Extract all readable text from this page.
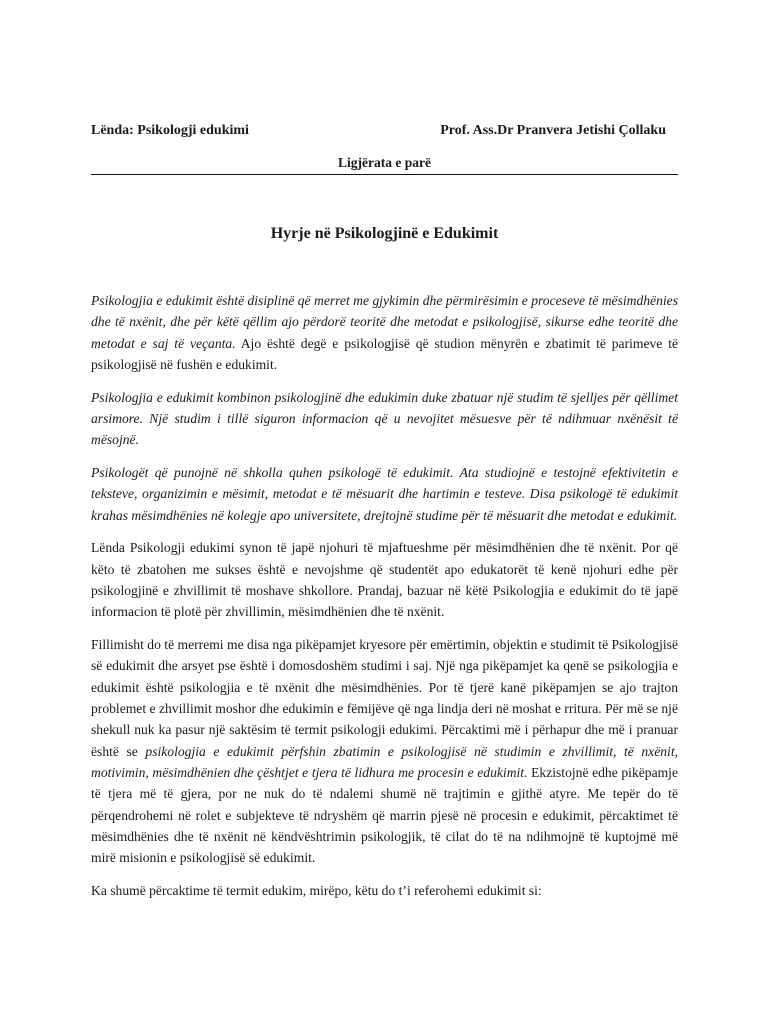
Lënda: Psikologji edukimi	Prof. Ass.Dr Pranvera Jetishi Çollaku
Ligjërata e parë
Hyrje në Psikologjinë e Edukimit

Psikologjia e edukimit është disiplinë që merret me gjykimin dhe përmirësimin e proceseve të mësimdhënies dhe të nxënit, dhe për këtë qëllim ajo përdorë teoritë dhe metodat e psikologjisë, sikurse edhe teoritë dhe metodat e saj të veçanta. Ajo është degë e psikologjisë që studion mënyrën e zbatimit të parimeve të psikologjisë në fushën e edukimit.

Psikologjia e edukimit kombinon psikologjinë dhe edukimin duke zbatuar një studim të sjelljes për qëllimet arsimore. Një studim i tillë siguron informacion që u nevojitet mësuesve për të ndihmuar nxënësit të mësojnë.

Psikologët që punojnë në shkolla quhen psikologë të edukimit. Ata studiojnë e testojnë efektivitetin e teksteve, organizimin e mësimit, metodat e të mësuarit dhe hartimin e testeve. Disa psikologë të edukimit krahas mësimdhënies në kolegje apo universitete, drejtojnë studime për të mësuarit dhe metodat e edukimit.

Lënda Psikologji edukimi synon të japë njohuri të mjaftueshme për mësimdhënien dhe të nxënit. Por që këto të zbatohen me sukses është e nevojshme që studentët apo edukatorët të kenë njohuri edhe për psikologjinë e zhvillimit të moshave shkollore. Prandaj, bazuar në këtë Psikologjia e edukimit do të japë informacion të plotë për zhvillimin, mësimdhënien dhe të nxënit.

Fillimisht do të merremi me disa nga pikëpamjet kryesore për emërtimin, objektin e studimit të Psikologjisë së edukimit dhe arsyet pse është i domosdoshëm studimi i saj. Një nga pikëpamjet ka qenë se psikologjia e edukimit është psikologjia e të nxënit dhe mësimdhënies. Por të tjerë kanë pikëpamjen se ajo trajton problemet e zhvillimit moshor dhe edukimin e fëmijëve që nga lindja deri në moshat e rritura. Për më se një shekull nuk ka pasur një saktësim të termit psikologji edukimi. Përcaktimi më i përhapur dhe më i pranuar është se psikologjia e edukimit përfshin zbatimin e psikologjisë në studimin e zhvillimit, të nxënit, motivimin, mësimdhënien dhe çështjet e tjera të lidhura me procesin e edukimit. Ekzistojnë edhe pikëpamje të tjera më të gjera, por ne nuk do të ndalemi shumë në trajtimin e gjithë atyre. Me tepër do të përqendrohemi në rolet e subjekteve të ndryshëm që marrin pjesë në procesin e edukimit, përcaktimet të mësimdhënies dhe të nxënit në këndvështrimin psikologjik, të cilat do të na ndihmojnë të kuptojmë më mirë misionin e psikologjisë së edukimit.

Ka shumë përcaktime të termit edukim, mirëpo, këtu do t’i referohemi edukimit si:
